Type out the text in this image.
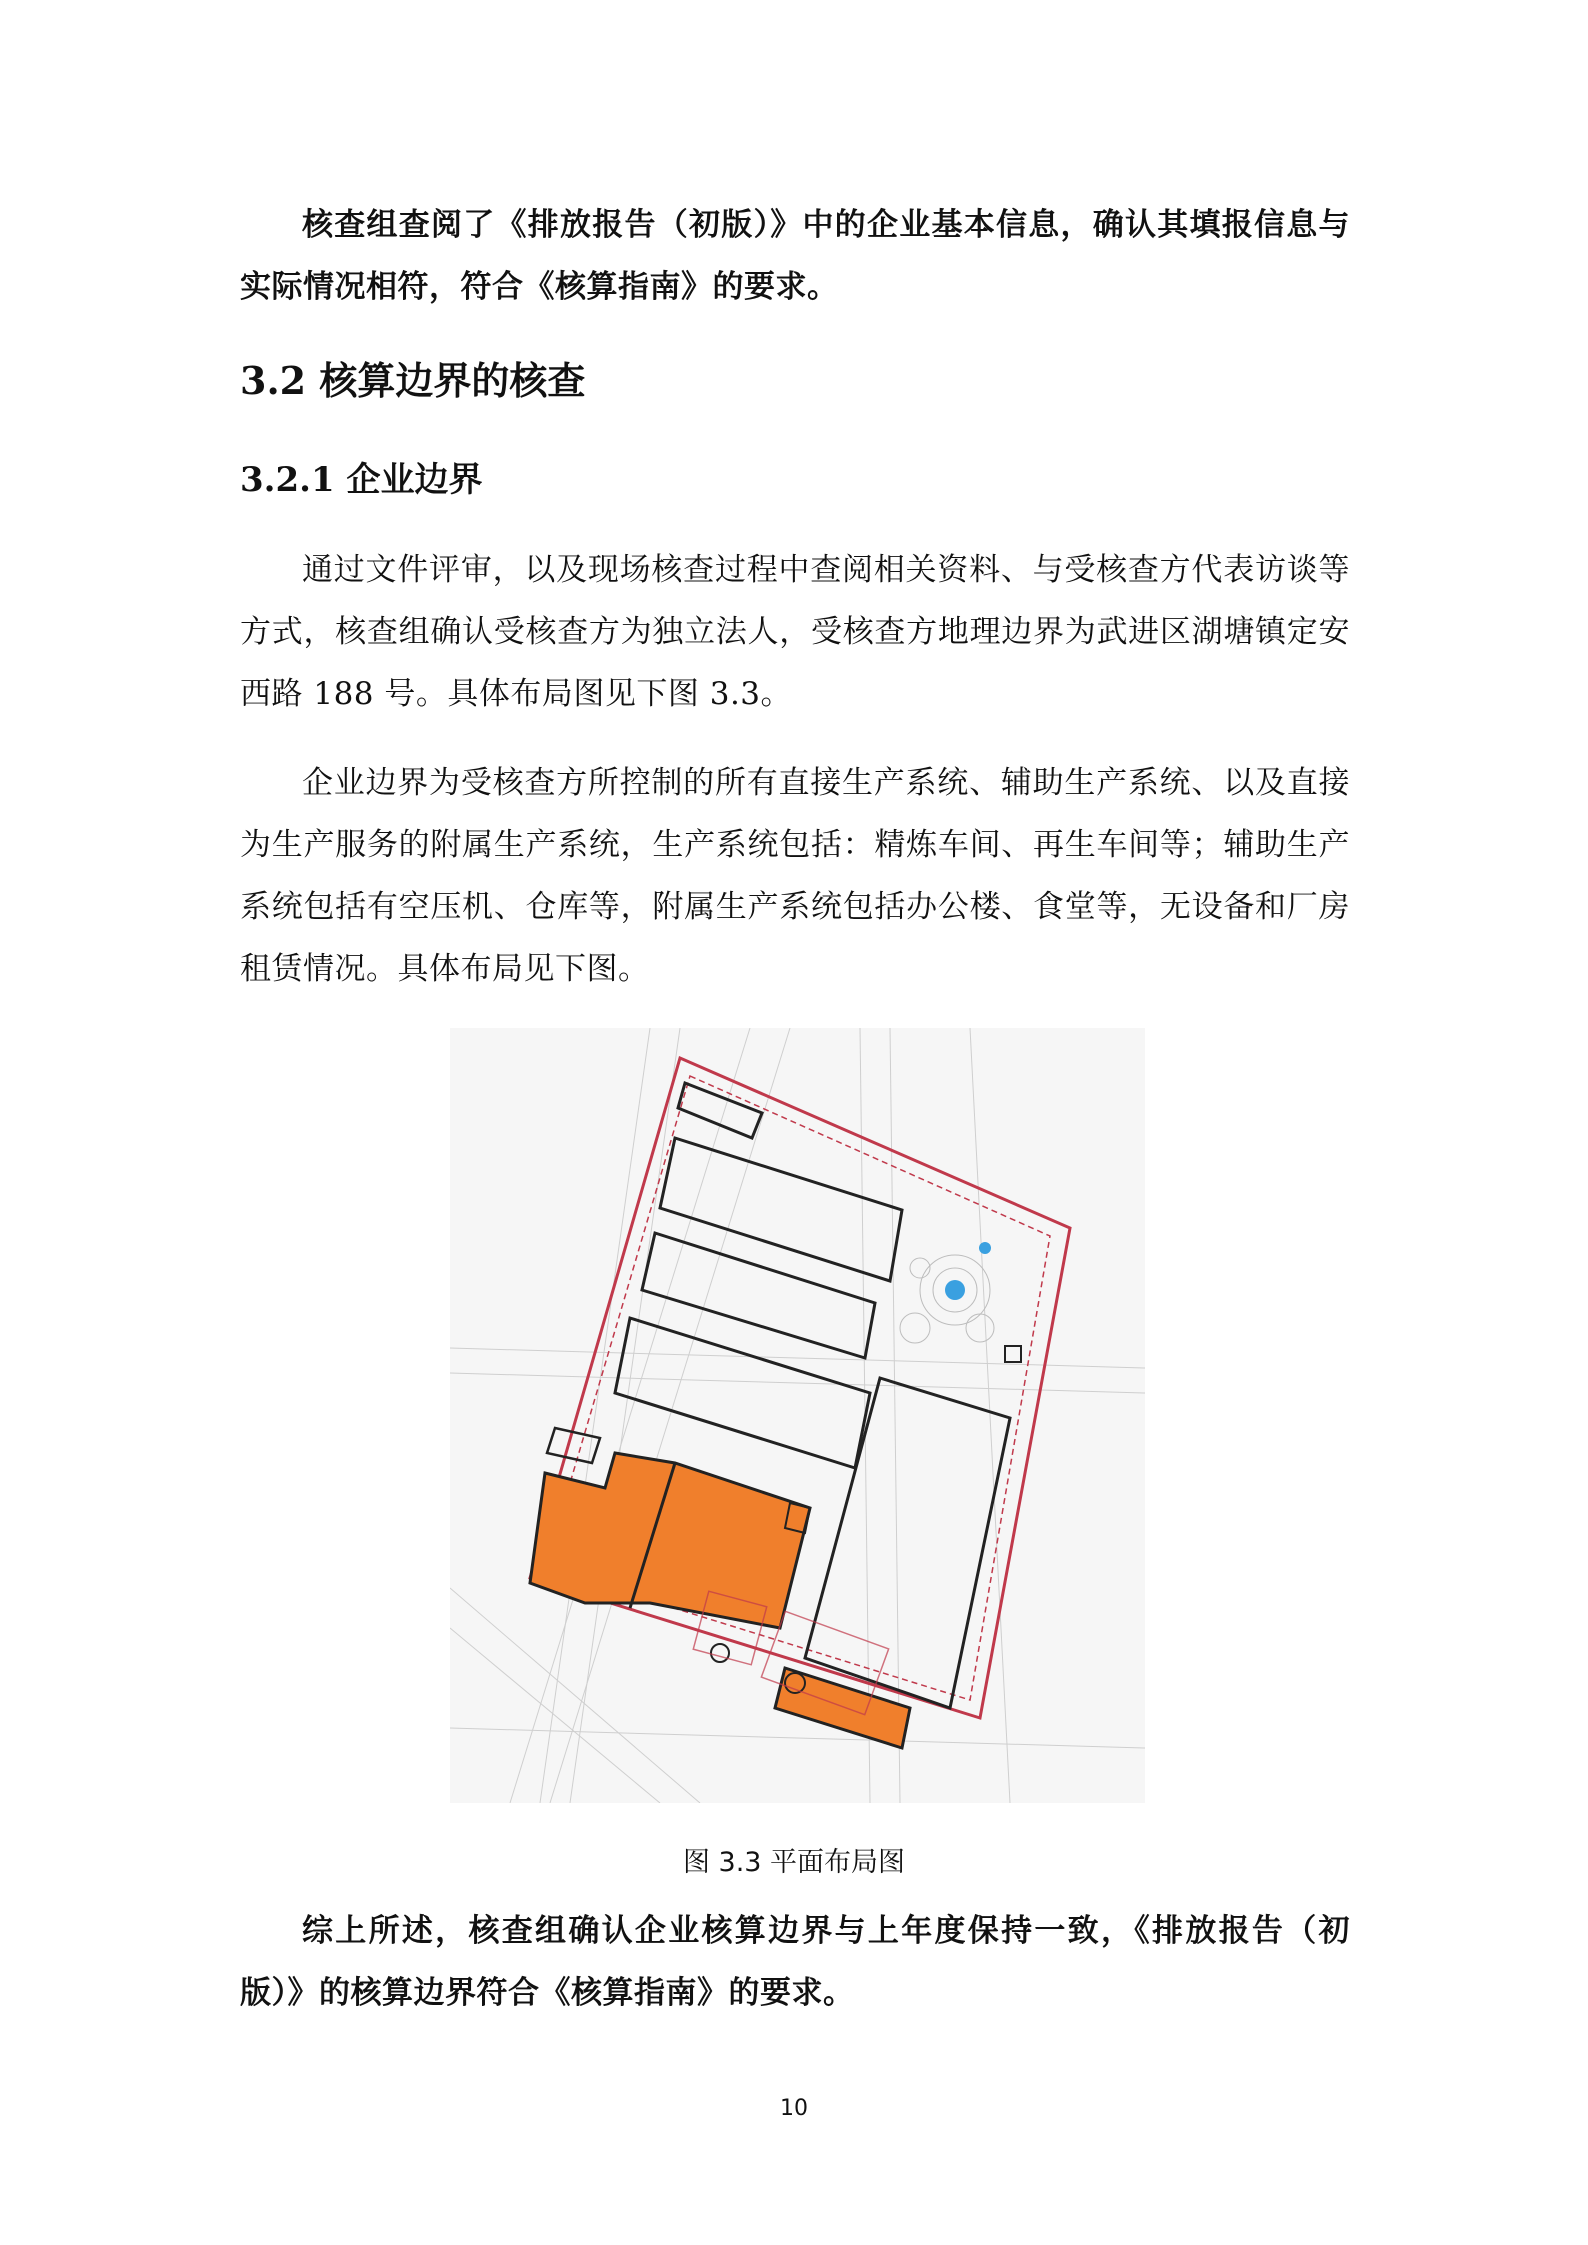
核查组查阅了《排放报告（初版）》中的企业基本信息，确认其填报信息与实际情况相符，符合《核算指南》的要求。

3.2 核算边界的核查
3.2.1 企业边界

通过文件评审，以及现场核查过程中查阅相关资料、与受核查方代表访谈等方式，核查组确认受核查方为独立法人，受核查方地理边界为武进区湖塘镇定安西路 188 号。具体布局图见下图 3.3。

企业边界为受核查方所控制的所有直接生产系统、辅助生产系统、以及直接为生产服务的附属生产系统，生产系统包括：精炼车间、再生车间等；辅助生产系统包括有空压机、仓库等，附属生产系统包括办公楼、食堂等，无设备和厂房租赁情况。具体布局见下图。

图 3.3 平面布局图

综上所述，核查组确认企业核算边界与上年度保持一致，《排放报告（初版）》的核算边界符合《核算指南》的要求。

10
